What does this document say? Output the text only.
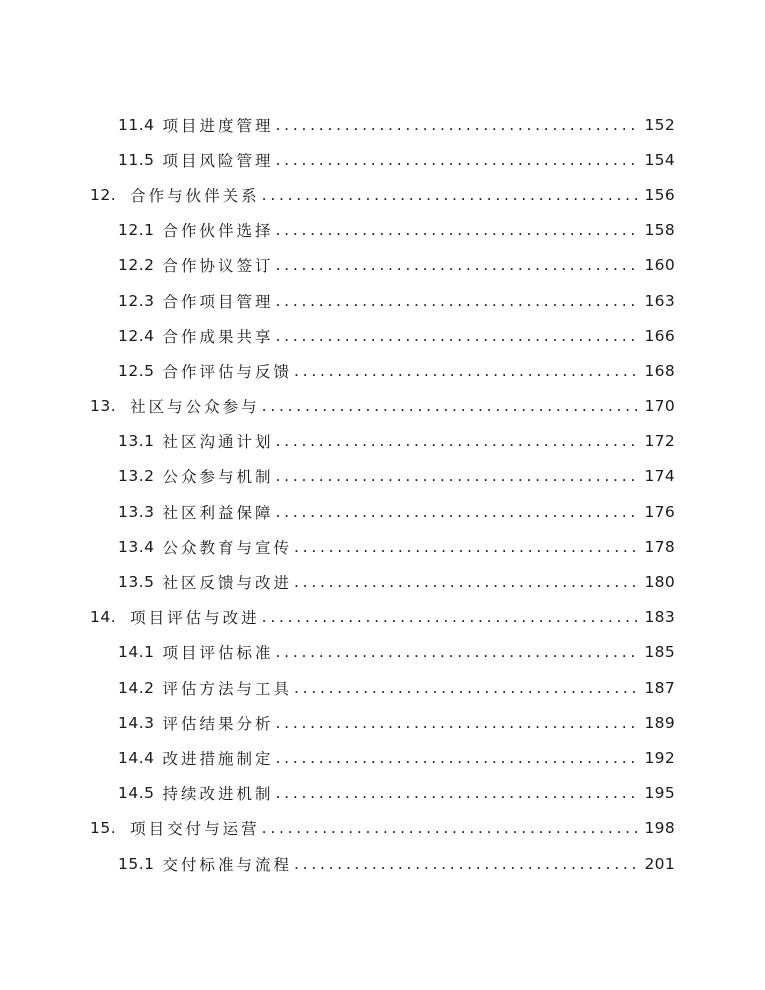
11.4 项目进度管理 . . .	152
11.5 项目风险管理 . . .	154
12. 合作与伙伴关系 . . .	156
12.1 合作伙伴选择 . . .	158
12.2 合作协议签订 . . .	160
12.3 合作项目管理 . . .	163
12.4 合作成果共享 . . .	166
12.5 合作评估与反馈 . . .	168
13. 社区与公众参与 . . .	170
13.1 社区沟通计划 . . .	172
13.2 公众参与机制 . . .	174
13.3 社区利益保障 . . .	176
13.4 公众教育与宣传 . . .	178
13.5 社区反馈与改进 . . .	180
14. 项目评估与改进 . . .	183
14.1 项目评估标准 . . .	185
14.2 评估方法与工具 . . .	187
14.3 评估结果分析 . . .	189
14.4 改进措施制定 . . .	192
14.5 持续改进机制 . . .	195
15. 项目交付与运营 . . .	198
15.1 交付标准与流程 . . .	201
